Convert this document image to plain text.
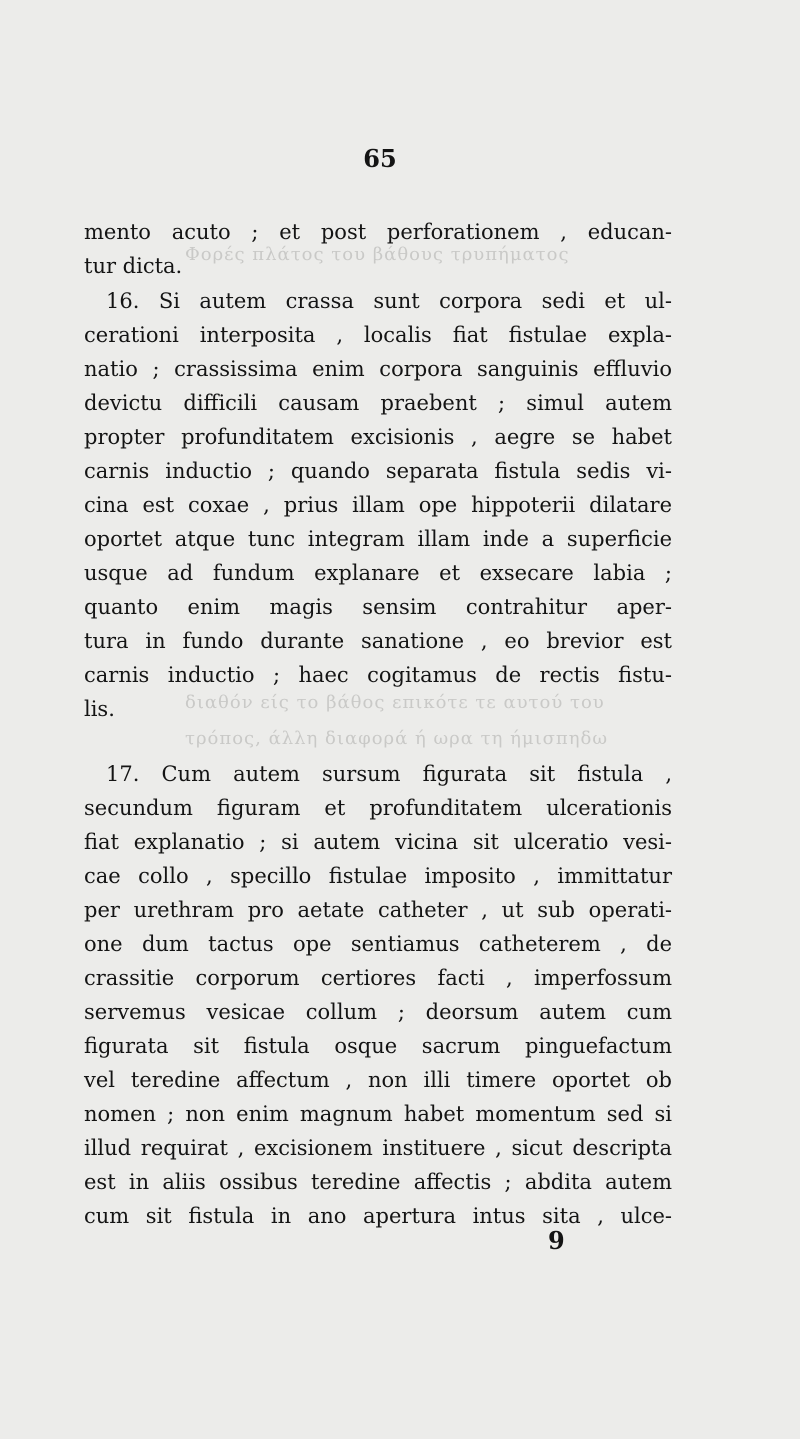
65
Φορές πλάτος του βάθους τρυπήματος
διαθόν είς το βάθος επικότε τε αυτού του
τρόπος, άλλη διαφορά ή ωρα τη ήμισπηδω
mento acuto ; et post perforationem , educan-
tur dicta.
16. Si autem crassa sunt corpora sedi et ul-
cerationi interposita , localis fiat fistulae expla-
natio ; crassissima enim corpora sanguinis effluvio
devictu difficili causam praebent ; simul autem
propter profunditatem excisionis , aegre se habet
carnis inductio ; quando separata fistula sedis vi-
cina est coxae , prius illam ope hippoterii dilatare
oportet atque tunc integram illam inde a superficie
usque ad fundum explanare et exsecare labia ;
quanto enim magis sensim contrahitur aper-
tura in fundo durante sanatione , eo brevior est
carnis inductio ; haec cogitamus de rectis fistu-
lis.
17. Cum autem sursum figurata sit fistula ,
secundum figuram et profunditatem ulcerationis
fiat explanatio ; si autem vicina sit ulceratio vesi-
cae collo , specillo fistulae imposito , immittatur
per urethram pro aetate catheter , ut sub operati-
one dum tactus ope sentiamus catheterem , de
crassitie corporum certiores facti , imperfossum
servemus vesicae collum ; deorsum autem cum
figurata sit fistula osque sacrum pinguefactum
vel teredine affectum , non illi timere oportet ob
nomen ; non enim magnum habet momentum sed si
illud requirat , excisionem instituere , sicut descripta
est in aliis ossibus teredine affectis ; abdita autem
cum sit fistula in ano apertura intus sita , ulce-
9
